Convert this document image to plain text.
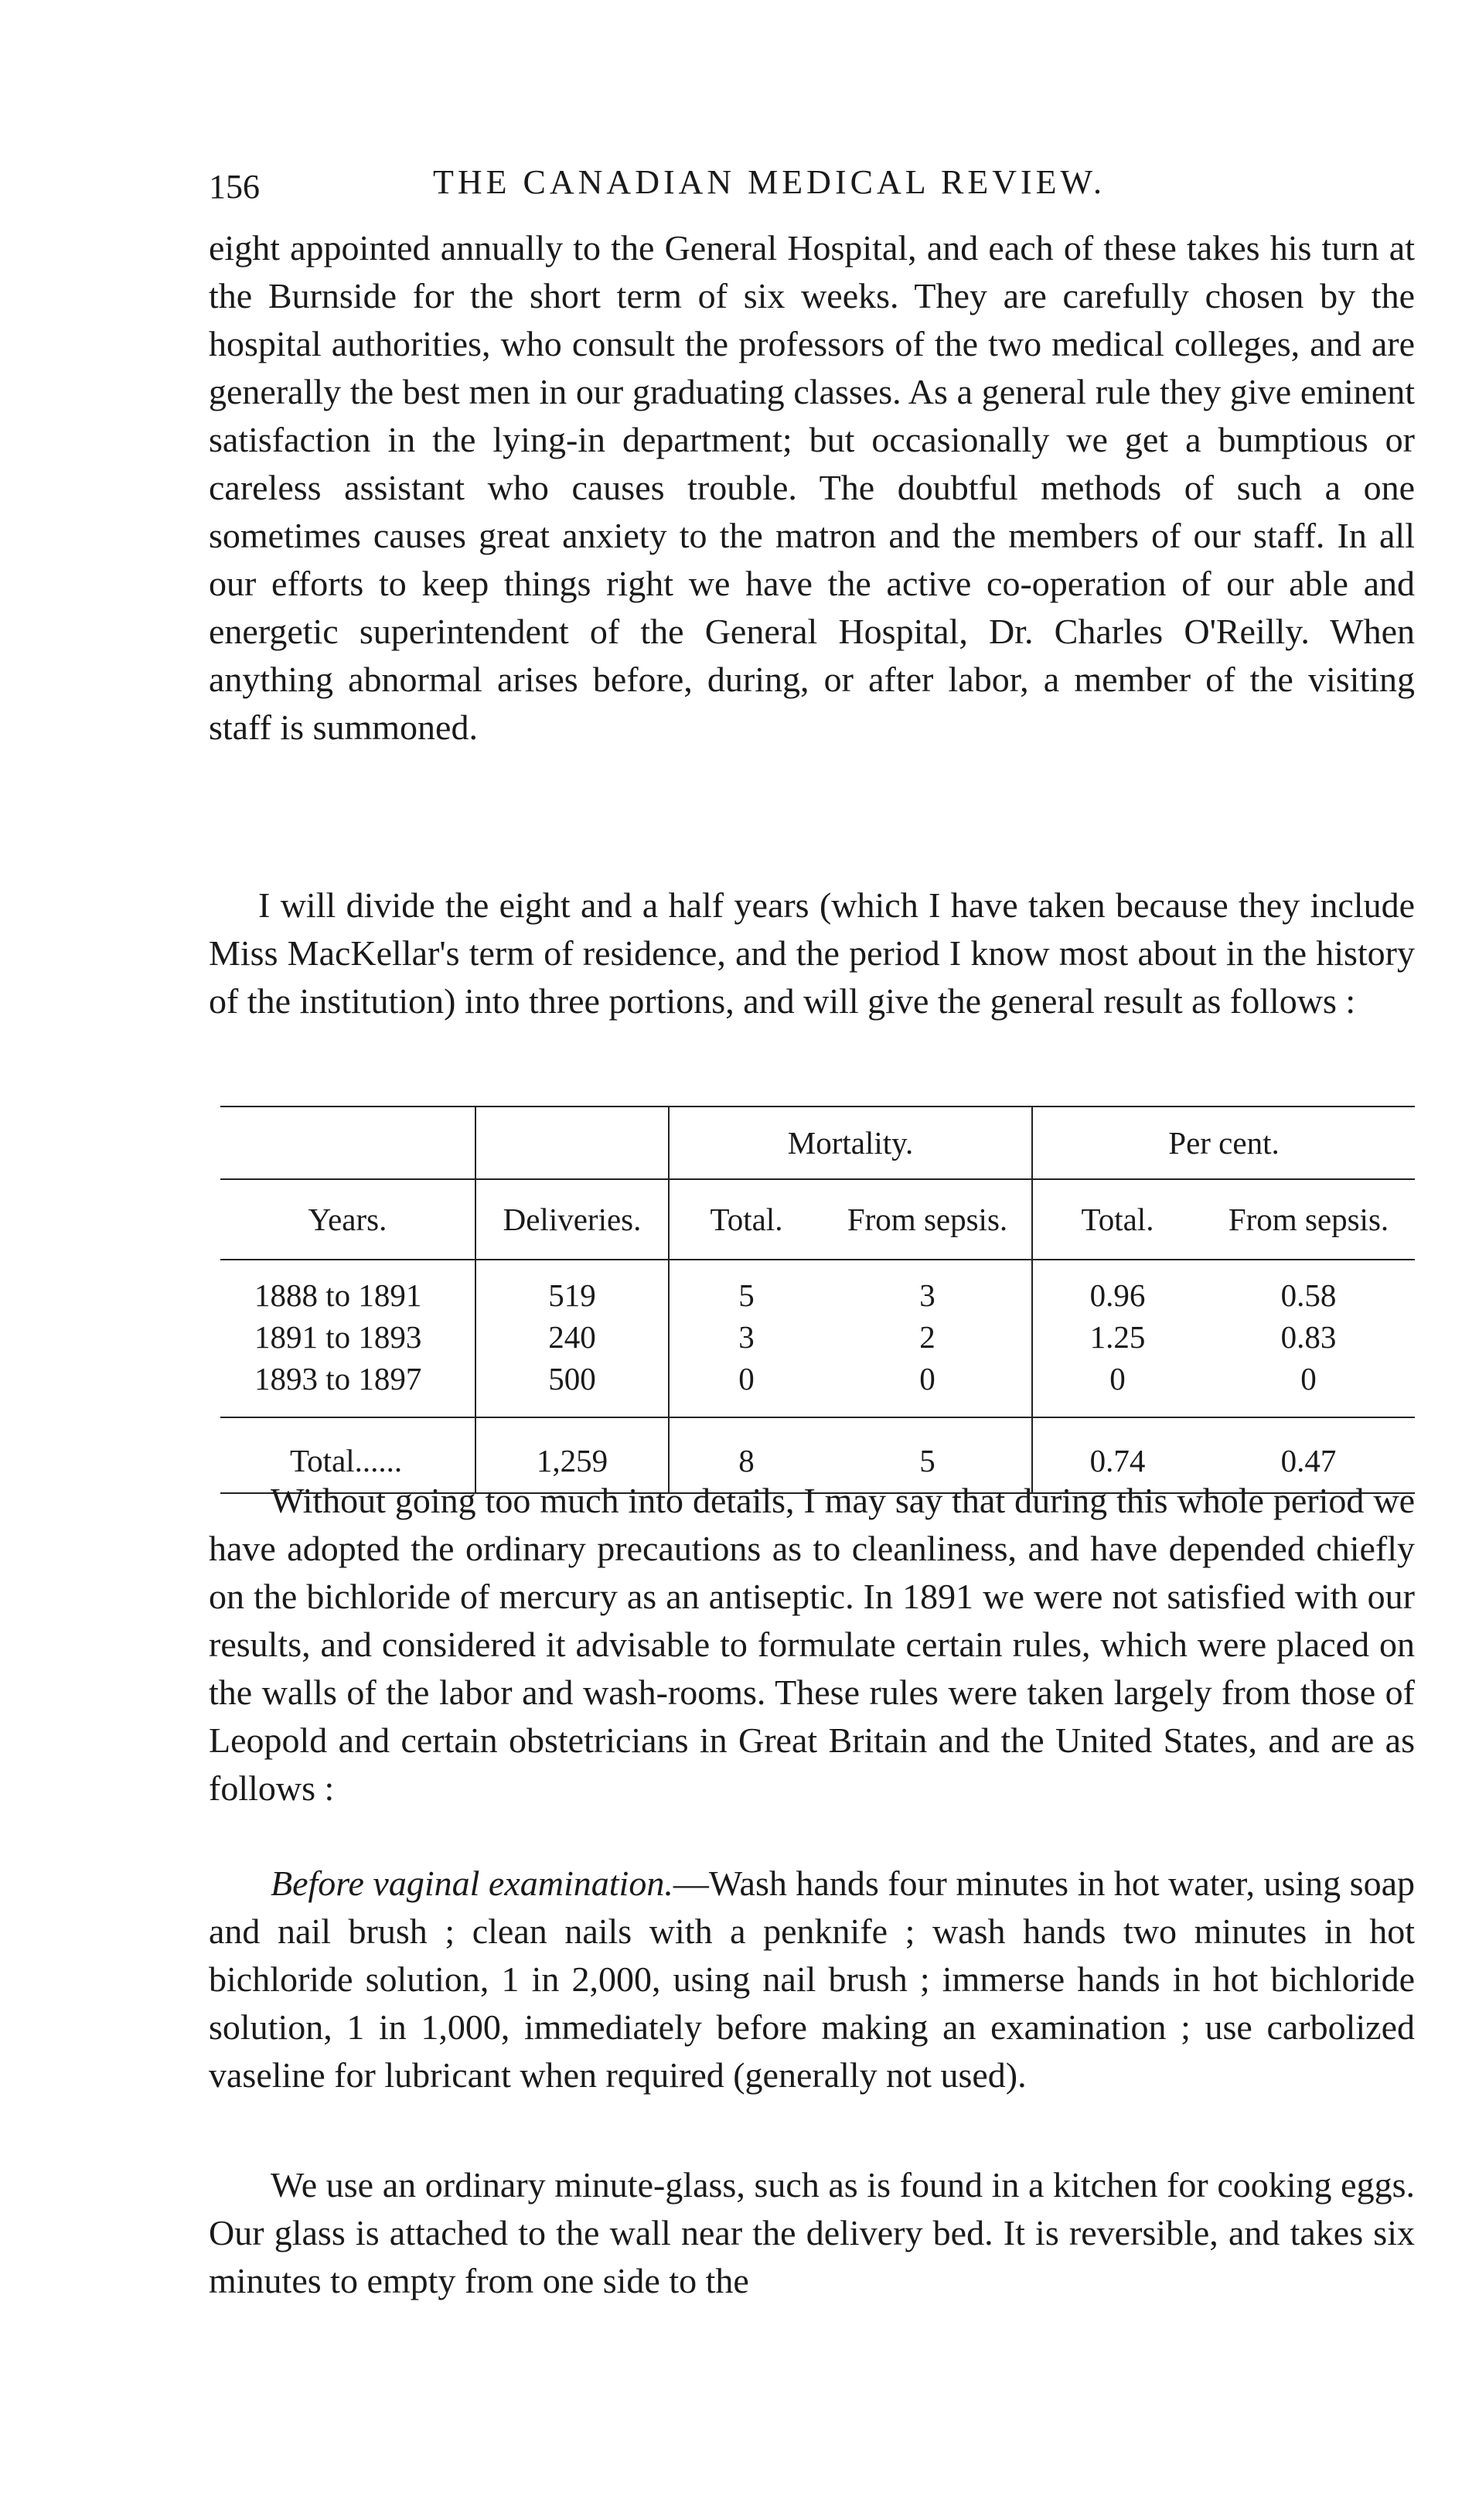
156	THE CANADIAN MEDICAL REVIEW.

eight appointed annually to the General Hospital, and each of these takes his turn at the Burnside for the short term of six weeks. They are carefully chosen by the hospital authorities, who consult the professors of the two medical colleges, and are generally the best men in our graduating classes. As a general rule they give eminent satisfaction in the lying-in department; but occasionally we get a bumptious or careless assistant who causes trouble. The doubtful methods of such a one sometimes causes great anxiety to the matron and the members of our staff. In all our efforts to keep things right we have the active co-operation of our able and energetic superintendent of the General Hospital, Dr. Charles O'Reilly. When anything abnormal arises before, during, or after labor, a member of the visiting staff is summoned.

I will divide the eight and a half years (which I have taken because they include Miss MacKellar's term of residence, and the period I know most about in the history of the institution) into three portions, and will give the general result as follows :

		Mortality.		Per cent.	
Years.	Deliveries.	Total.	From sepsis.	Total.	From sepsis.
1888 to 1891	519	5	3	0.96	0.58
1891 to 1893	240	3	2	1.25	0.83
1893 to 1897	500	0	0	0	0
Total......	1,259	8	5	0.74	0.47

Without going too much into details, I may say that during this whole period we have adopted the ordinary precautions as to cleanliness, and have depended chiefly on the bichloride of mercury as an antiseptic. In 1891 we were not satisfied with our results, and considered it advisable to formulate certain rules, which were placed on the walls of the labor and wash-rooms. These rules were taken largely from those of Leopold and certain obstetricians in Great Britain and the United States, and are as follows :

Before vaginal examination.—Wash hands four minutes in hot water, using soap and nail brush ; clean nails with a penknife ; wash hands two minutes in hot bichloride solution, 1 in 2,000, using nail brush ; immerse hands in hot bichloride solution, 1 in 1,000, immediately before making an examination ; use carbolized vaseline for lubricant when required (generally not used).

We use an ordinary minute-glass, such as is found in a kitchen for cooking eggs. Our glass is attached to the wall near the delivery bed. It is reversible, and takes six minutes to empty from one side to the
